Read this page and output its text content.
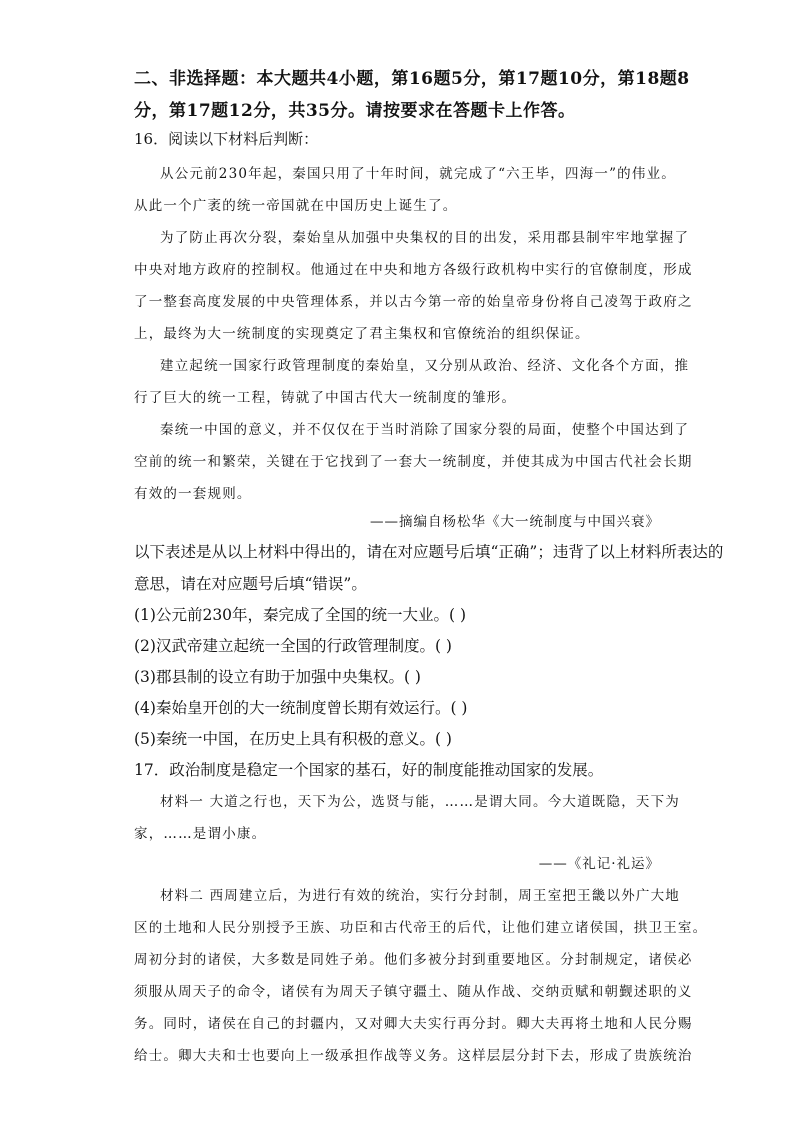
二、非选择题：本大题共4小题，第16题5分，第17题10分，第18题8
分，第17题12分，共35分。请按要求在答题卡上作答。
16．阅读以下材料后判断：
从公元前230年起，秦国只用了十年时间，就完成了“六王毕，四海一”的伟业。
从此一个广袤的统一帝国就在中国历史上诞生了。
为了防止再次分裂，秦始皇从加强中央集权的目的出发，采用郡县制牢牢地掌握了
中央对地方政府的控制权。他通过在中央和地方各级行政机构中实行的官僚制度，形成
了一整套高度发展的中央管理体系，并以古今第一帝的始皇帝身份将自己凌驾于政府之
上，最终为大一统制度的实现奠定了君主集权和官僚统治的组织保证。
建立起统一国家行政管理制度的秦始皇，又分别从政治、经济、文化各个方面，推
行了巨大的统一工程，铸就了中国古代大一统制度的雏形。
秦统一中国的意义，并不仅仅在于当时消除了国家分裂的局面，使整个中国达到了
空前的统一和繁荣，关键在于它找到了一套大一统制度，并使其成为中国古代社会长期
有效的一套规则。
——摘编自杨松华《大一统制度与中国兴衰》
以下表述是从以上材料中得出的，请在对应题号后填“正确”；违背了以上材料所表达的
意思，请在对应题号后填“错误”。
(1)公元前230年，秦完成了全国的统一大业。( )
(2)汉武帝建立起统一全国的行政管理制度。( )
(3)郡县制的设立有助于加强中央集权。( )
(4)秦始皇开创的大一统制度曾长期有效运行。( )
(5)秦统一中国，在历史上具有积极的意义。( )
17．政治制度是稳定一个国家的基石，好的制度能推动国家的发展。
材料一 大道之行也，天下为公，选贤与能，……是谓大同。今大道既隐，天下为
家，……是谓小康。
——《礼记·礼运》
材料二 西周建立后，为进行有效的统治，实行分封制，周王室把王畿以外广大地
区的土地和人民分别授予王族、功臣和古代帝王的后代，让他们建立诸侯国，拱卫王室。
周初分封的诸侯，大多数是同姓子弟。他们多被分封到重要地区。分封制规定，诸侯必
须服从周天子的命令，诸侯有为周天子镇守疆土、随从作战、交纳贡赋和朝觐述职的义
务。同时，诸侯在自己的封疆内，又对卿大夫实行再分封。卿大夫再将土地和人民分赐
给士。卿大夫和士也要向上一级承担作战等义务。这样层层分封下去，形成了贵族统治
